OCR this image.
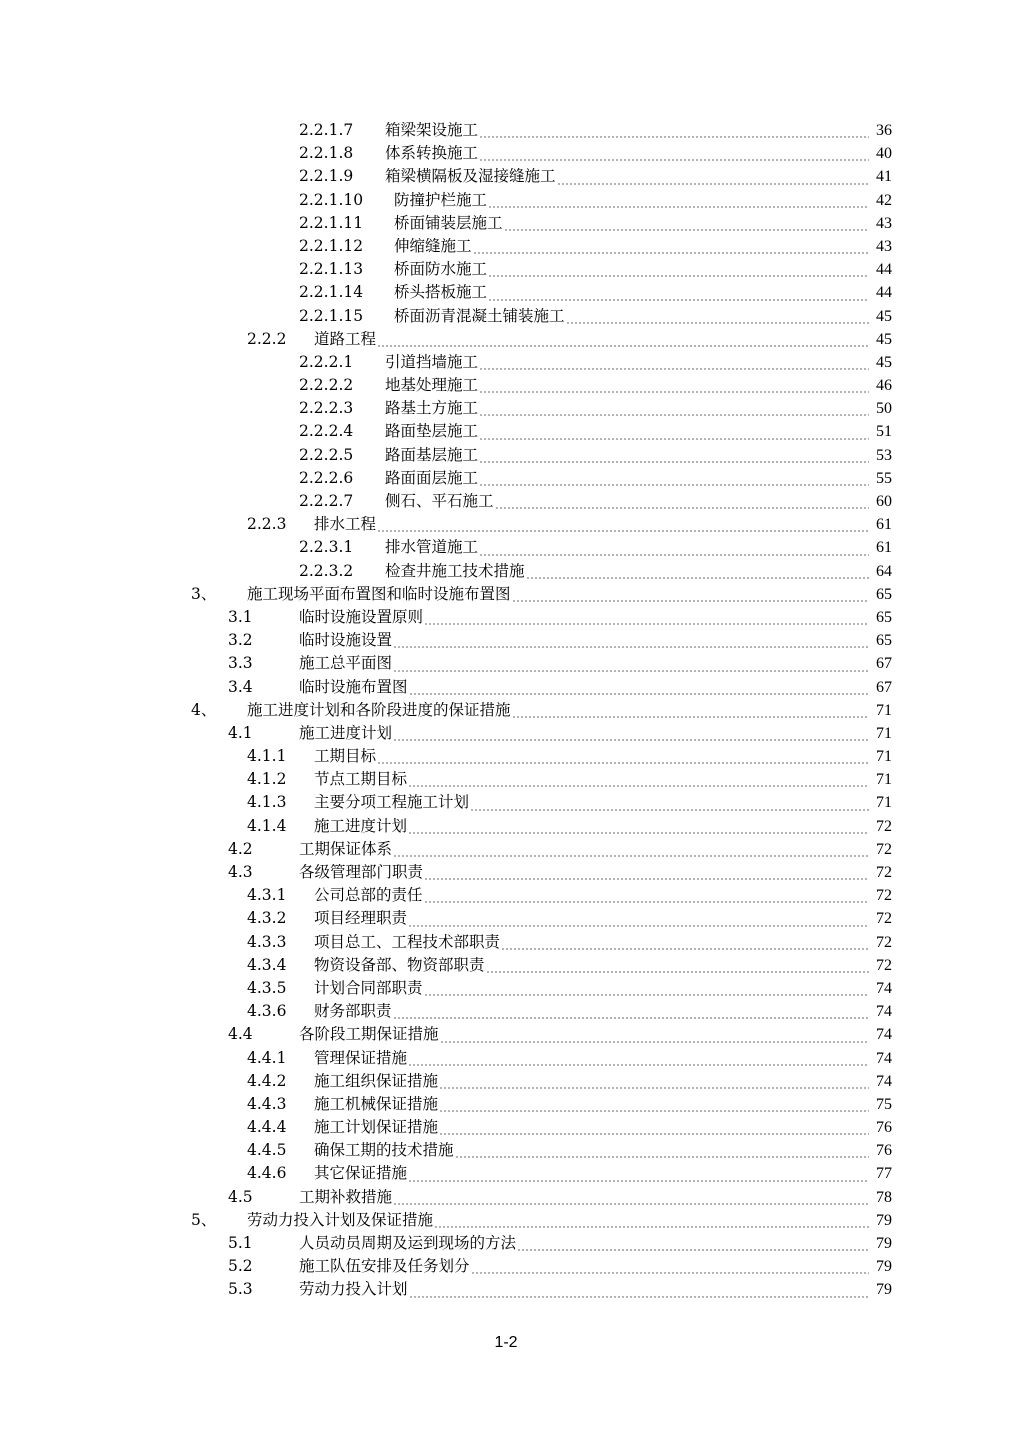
2.2.1.7 箱梁架设施工	36
2.2.1.8 体系转换施工	40
2.2.1.9 箱梁横隔板及湿接缝施工	41
2.2.1.10 防撞护栏施工	42
2.2.1.11 桥面铺装层施工	43
2.2.1.12 伸缩缝施工	43
2.2.1.13 桥面防水施工	44
2.2.1.14 桥头搭板施工	44
2.2.1.15 桥面沥青混凝土铺装施工	45
2.2.2 道路工程	45
2.2.2.1 引道挡墙施工	45
2.2.2.2 地基处理施工	46
2.2.2.3 路基土方施工	50
2.2.2.4 路面垫层施工	51
2.2.2.5 路面基层施工	53
2.2.2.6 路面面层施工	55
2.2.2.7 侧石、平石施工	60
2.2.3 排水工程	61
2.2.3.1 排水管道施工	61
2.2.3.2 检查井施工技术措施	64
3、 施工现场平面布置图和临时设施布置图	65
3.1	临时设施设置原则	65
3.2	临时设施设置	65
3.3	施工总平面图	67
3.4	临时设施布置图	67
4、 施工进度计划和各阶段进度的保证措施	71
4.1	施工进度计划	71
4.1.1 工期目标	71
4.1.2 节点工期目标	71
4.1.3 主要分项工程施工计划	71
4.1.4 施工进度计划	72
4.2	工期保证体系	72
4.3	各级管理部门职责	72
4.3.1 公司总部的责任	72
4.3.2 项目经理职责	72
4.3.3 项目总工、工程技术部职责	72
4.3.4 物资设备部、物资部职责	72
4.3.5 计划合同部职责	74
4.3.6 财务部职责	74
4.4	各阶段工期保证措施	74
4.4.1 管理保证措施	74
4.4.2 施工组织保证措施	74
4.4.3 施工机械保证措施	75
4.4.4 施工计划保证措施	76
4.4.5 确保工期的技术措施	76
4.4.6 其它保证措施	77
4.5	工期补救措施	78
5、 劳动力投入计划及保证措施	79
5.1	人员动员周期及运到现场的方法	79
5.2	施工队伍安排及任务划分	79
5.3	劳动力投入计划	79
1-2
